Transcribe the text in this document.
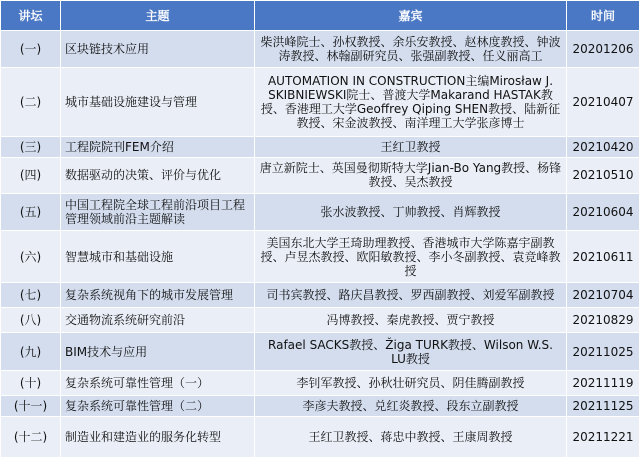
讲坛	主题	嘉宾	时间
(一)	区块链技术应用	柴洪峰院士、孙权教授、余乐安教授、赵林度教授、钟波涛教授、林翰副研究员、张强副教授、任义丽高工	20201206
(二)	城市基础设施建设与管理	AUTOMATION IN CONSTRUCTION主编Mirosław J. SKIBNIEWSKI院士、普渡大学Makarand HASTAK教授、香港理工大学Geoffrey Qiping SHEN教授、陆新征教授、宋金波教授、南洋理工大学张彦博士	20210407
(三)	工程院院刊FEM介绍	王红卫教授	20210420
(四)	数据驱动的决策、评价与优化	唐立新院士、英国曼彻斯特大学Jian-Bo Yang教授、杨锋教授、吴杰教授	20210510
(五)	中国工程院全球工程前沿项目工程管理领域前沿主题解读	张水波教授、丁帅教授、肖辉教授	20210604
(六)	智慧城市和基础设施	美国东北大学王琦助理教授、香港城市大学陈嘉宇副教授、卢昱杰教授、欧阳敏教授、李小冬副教授、袁竞峰教授	20210611
(七)	复杂系统视角下的城市发展管理	司书宾教授、路庆昌教授、罗西副教授、刘爱军副教授	20210704
(八)	交通物流系统研究前沿	冯博教授、秦虎教授、贾宁教授	20210829
(九)	BIM技术与应用	Rafael SACKS教授、Žiga TURK教授、Wilson W.S. LU教授	20211025
(十)	复杂系统可靠性管理（一）	李钊军教授、孙秋壮研究员、阴佳腾副教授	20211119
(十一)	复杂系统可靠性管理（二）	李彦夫教授、兑红炎教授、段东立副教授	20211125
(十二)	制造业和建造业的服务化转型	王红卫教授、蒋忠中教授、王康周教授	20211221
